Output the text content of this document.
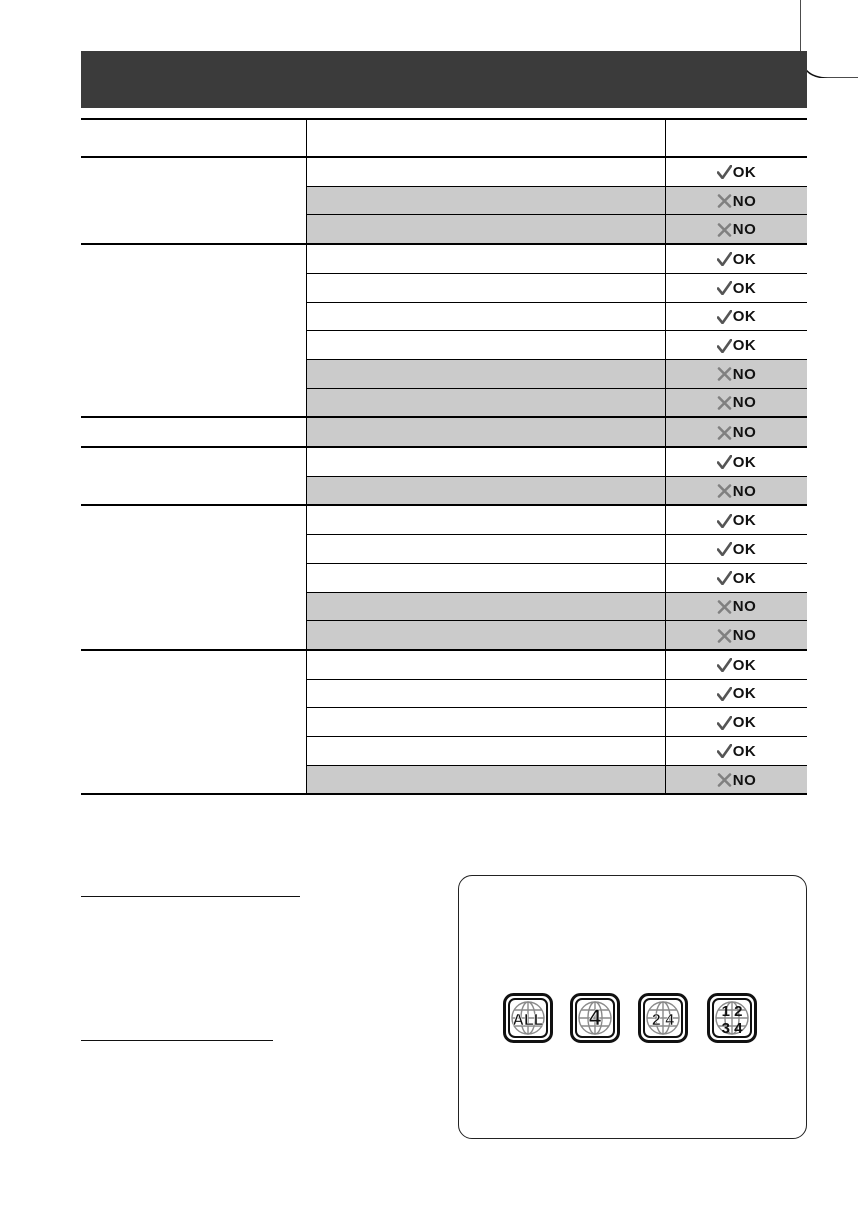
OK
NO
NO
OK
OK
OK
OK
NO
NO
NO
OK
NO
OK
OK
OK
NO
NO
OK
OK
OK
OK
NO
ALL 4	2 4
1 2
3 4
